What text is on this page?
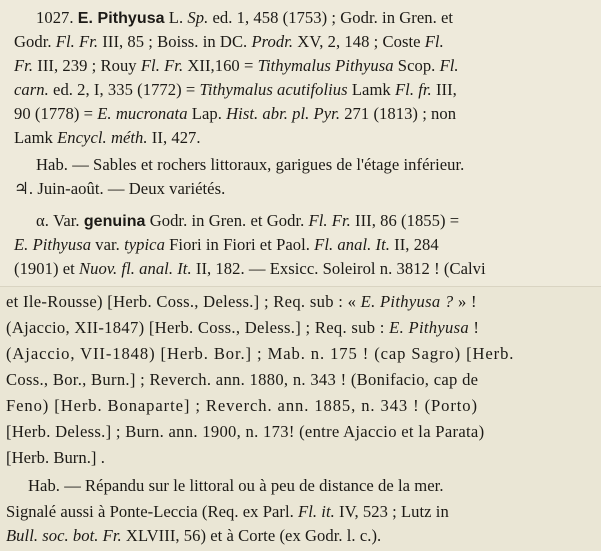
1027. E. Pithyusa L. Sp. ed. 1, 458 (1753) ; Godr. in Gren. et
Godr. Fl. Fr. III, 85 ; Boiss. in DC. Prodr. XV, 2, 148 ; Coste Fl.
Fr. III, 239 ; Rouy Fl. Fr. XII,160 = Tithymalus Pithyusa Scop. Fl.
carn. ed. 2, I, 335 (1772) = Tithymalus acutifolius Lamk Fl. fr. III,
90 (1778) = E. mucronata Lap. Hist. abr. pl. Pyr. 271 (1813) ; non
Lamk Encycl. méth. II, 427.
Hab. — Sables et rochers littoraux, garigues de l'étage inférieur.
♃. Juin-août. — Deux variétés.
α. Var. genuina Godr. in Gren. et Godr. Fl. Fr. III, 86 (1855) =
E. Pithyusa var. typica Fiori in Fiori et Paol. Fl. anal. It. II, 284
(1901) et Nuov. fl. anal. It. II, 182. — Exsicc. Soleirol n. 3812 ! (Calvi
et Ile-Rousse) [Herb. Coss., Deless.] ; Req. sub : « E. Pithyusa ? » !
(Ajaccio, XII-1847) [Herb. Coss., Deless.] ; Req. sub : E. Pithyusa !
(Ajaccio, VII-1848) [Herb. Bor.] ; Mab. n. 175 ! (cap Sagro) [Herb.
Coss., Bor., Burn.] ; Reverch. ann. 1880, n. 343 ! (Bonifacio, cap de
Feno) [Herb. Bonaparte] ; Reverch. ann. 1885, n. 343 ! (Porto)
[Herb. Deless.] ; Burn. ann. 1900, n. 173! (entre Ajaccio et la Parata)
[Herb. Burn.] .
Hab. — Répandu sur le littoral ou à peu de distance de la mer.
Signalé aussi à Ponte-Leccia (Req. ex Parl. Fl. it. IV, 523 ; Lutz in
Bull. soc. bot. Fr. XLVIII, 56) et à Corte (ex Godr. l. c.).
